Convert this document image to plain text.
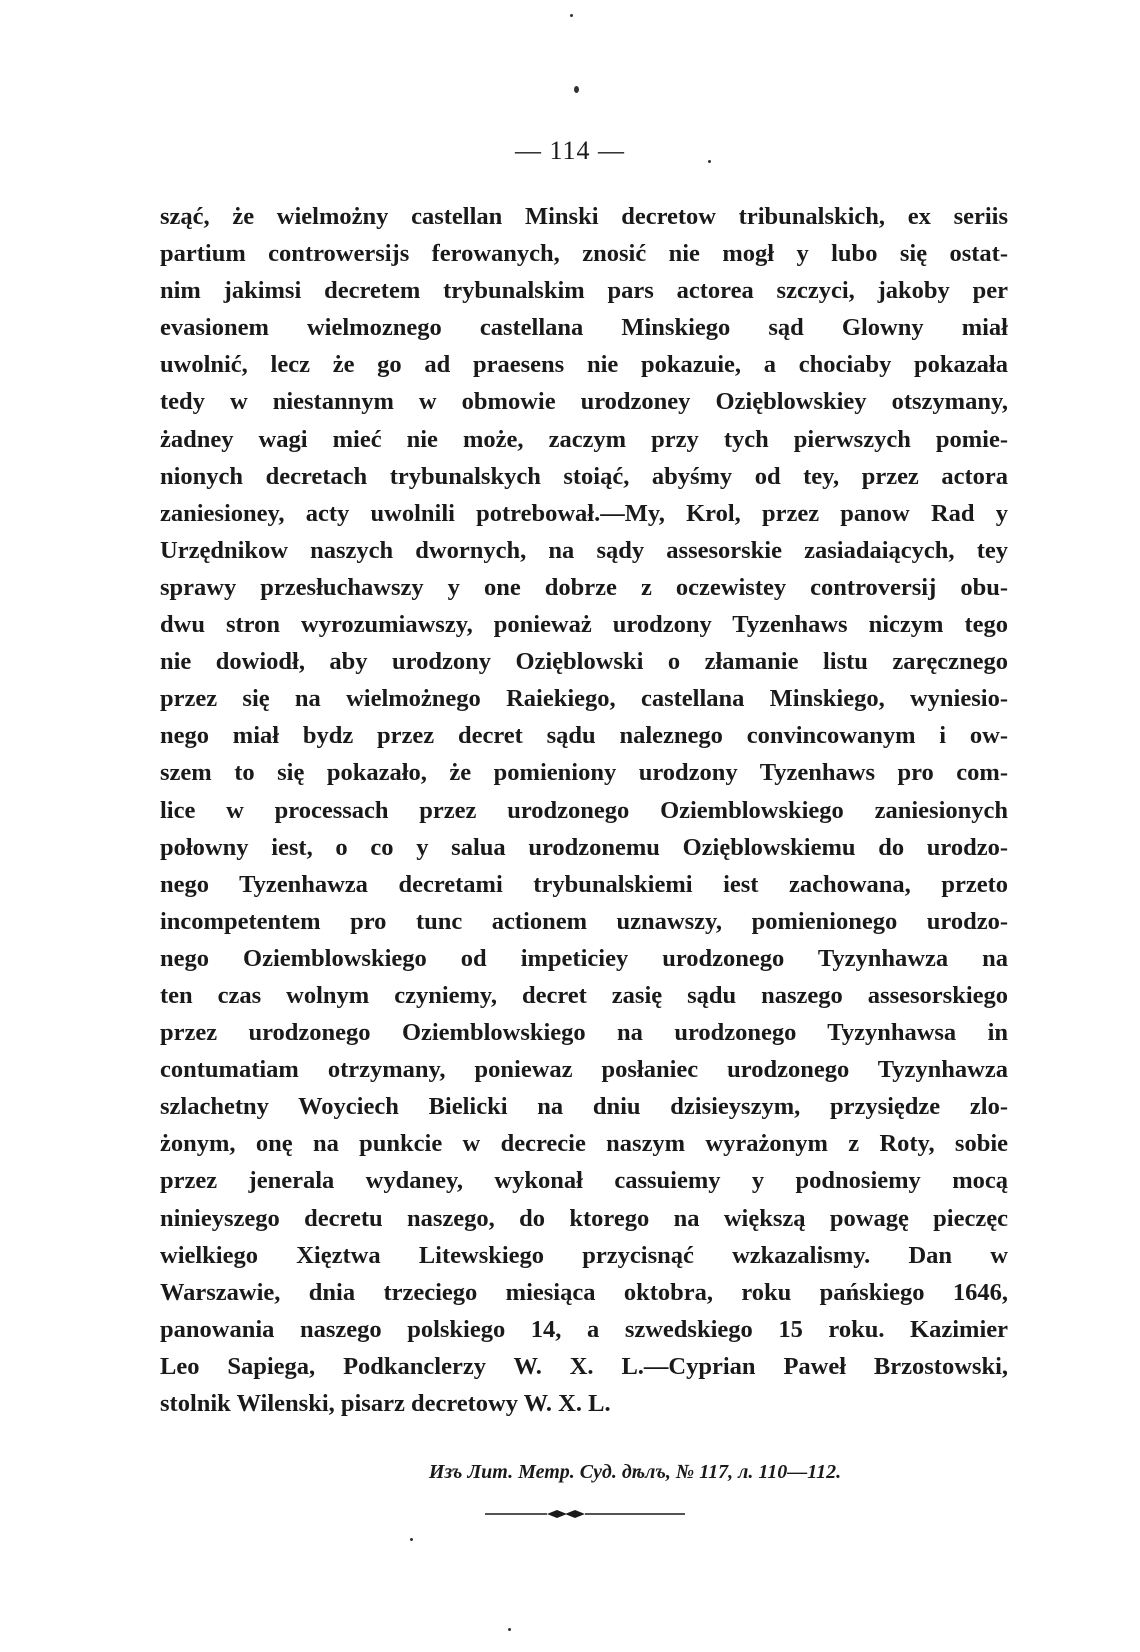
— 114 —
sząć, że wielmożny castellan Minski decretow tribunalskich, ex seriis
partium controwersijs ferowanych, znosić nie mogł y lubo się ostat-
nim jakimsi decretem trybunalskim pars actorea szczyci, jakoby per
evasionem wielmoznego castellana Minskiego sąd Glowny miał
uwolnić, lecz że go ad praesens nie pokazuie, a chociaby pokazała
tedy w niestannym w obmowie urodzoney Ozięblowskiey otszymany,
żadney wagi mieć nie może, zaczym przy tych pierwszych pomie-
nionych decretach trybunalskych stoiąć, abyśmy od tey, przez actora
zaniesioney, acty uwolnili potrebował.—My, Krol, przez panow Rad y
Urzędnikow naszych dwornych, na sądy assesorskie zasiadaiących, tey
sprawy przesłuchawszy y one dobrze z oczewistey controversij obu-
dwu stron wyrozumiawszy, ponieważ urodzony Tyzenhaws niczym tego
nie dowiodł, aby urodzony Ozięblowski o złamanie listu zaręcznego
przez się na wielmożnego Raiekiego, castellana Minskiego, wyniesio-
nego miał bydz przez decret sądu naleznego convincowanym i ow-
szem to się pokazało, że pomieniony urodzony Tyzenhaws pro com-
lice w processach przez urodzonego Oziemblowskiego zaniesionych
połowny iest, o co y salua urodzonemu Ozięblowskiemu do urodzo-
nego Tyzenhawza decretami trybunalskiemi iest zachowana, przeto
incompetentem pro tunc actionem uznawszy, pomienionego urodzo-
nego Oziemblowskiego od impeticiey urodzonego Tyzynhawza na
ten czas wolnym czyniemy, decret zasię sądu naszego assesorskiego
przez urodzonego Oziemblowskiego na urodzonego Tyzynhawsa in
contumatiam otrzymany, poniewaz posłaniec urodzonego Tyzynhawza
szlachetny Woyciech Bielicki na dniu dzisieyszym, przysiędze zlo-
żonym, onę na punkcie w decrecie naszym wyrażonym z Roty, sobie
przez jenerala wydaney, wykonał cassuiemy y podnosiemy mocą
ninieyszego decretu naszego, do ktorego na większą powagę pieczęc
wielkiego Xięztwa Litewskiego przycisnąć wzkazalismy. Dan w
Warszawie, dnia trzeciego miesiąca oktobra, roku pańskiego 1646,
panowania naszego polskiego 14, a szwedskiego 15 roku. Kazimier
Leo Sapiega, Podkanclerzy W. X. L.—Cyprian Paweł Brzostowski,
stolnik Wilenski, pisarz decretowy W. X. L.
Изъ Лит. Метр. Суд. дѣлъ, № 117, л. 110—112.
